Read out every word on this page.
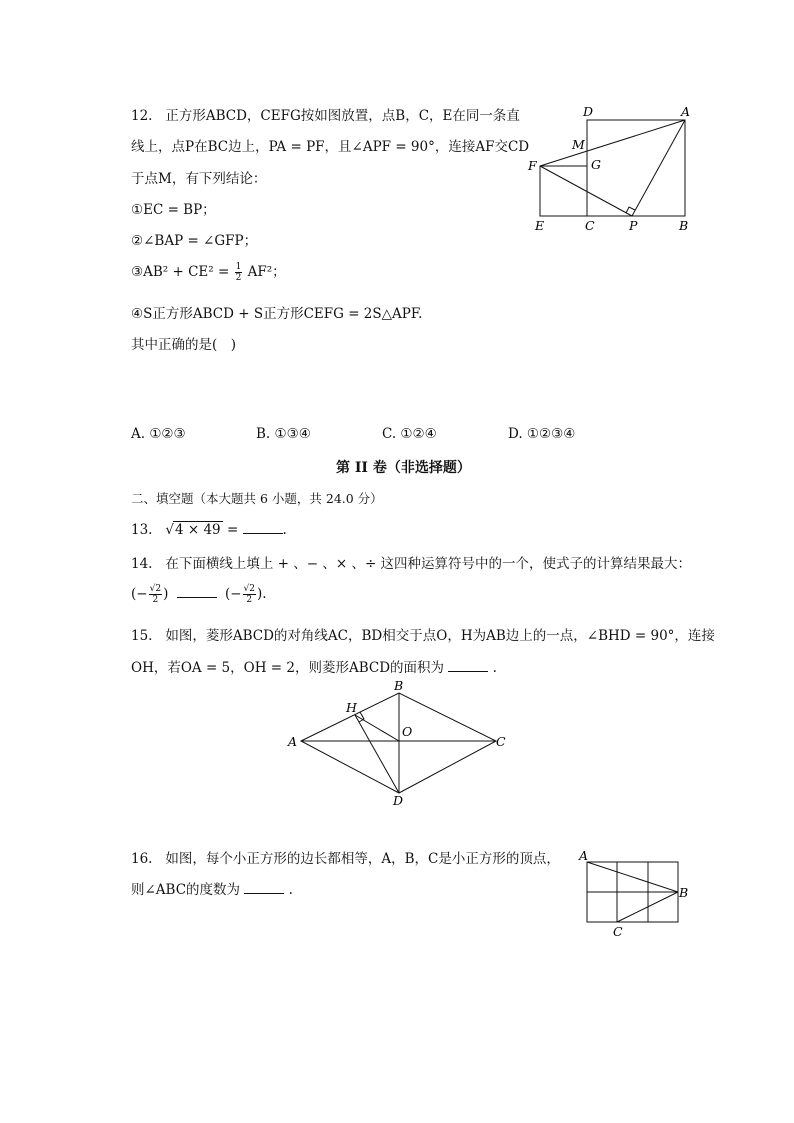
12. 正方形ABCD，CEFG按如图放置，点B，C，E在同一条直
线上，点P在BC边上，PA = PF，且∠APF = 90°，连接AF交CD
于点M，有下列结论：
①EC = BP；
②∠BAP = ∠GFP；
③AB² + $CE^2 = \frac{1}{2} AF^2$；
④S正方形ABCD + S正方形CEFG = 2S△APF.
其中正确的是(　)
D	A
M
F	G
E	C	P	B
A. ①②③	B. ①③④	C. ①②④	D. ①②③④
第 II 卷（非选择题）
二、填空题（本大题共 6 小题，共 24.0 分）
13. √4 × 49 =	.
14. 在下面横线上填上 + 、− 、× 、÷ 这四种运算符号中的一个，使式子的计算结果最大：
(− $\frac{√2}{2}$ )	(− $\frac{√2}{2}$ ).
15. 如图，菱形ABCD的对角线AC，BD相交于点O，H为AB边上的一点，∠BHD = 90°，连接
OH，若OA = 5，OH = 2，则菱形ABCD的面积为	.
A
B
C
D
H
O
16. 如图，每个小正方形的边长都相等，A，B，C是小正方形的顶点，
则∠ABC的度数为	.
A
B
C
